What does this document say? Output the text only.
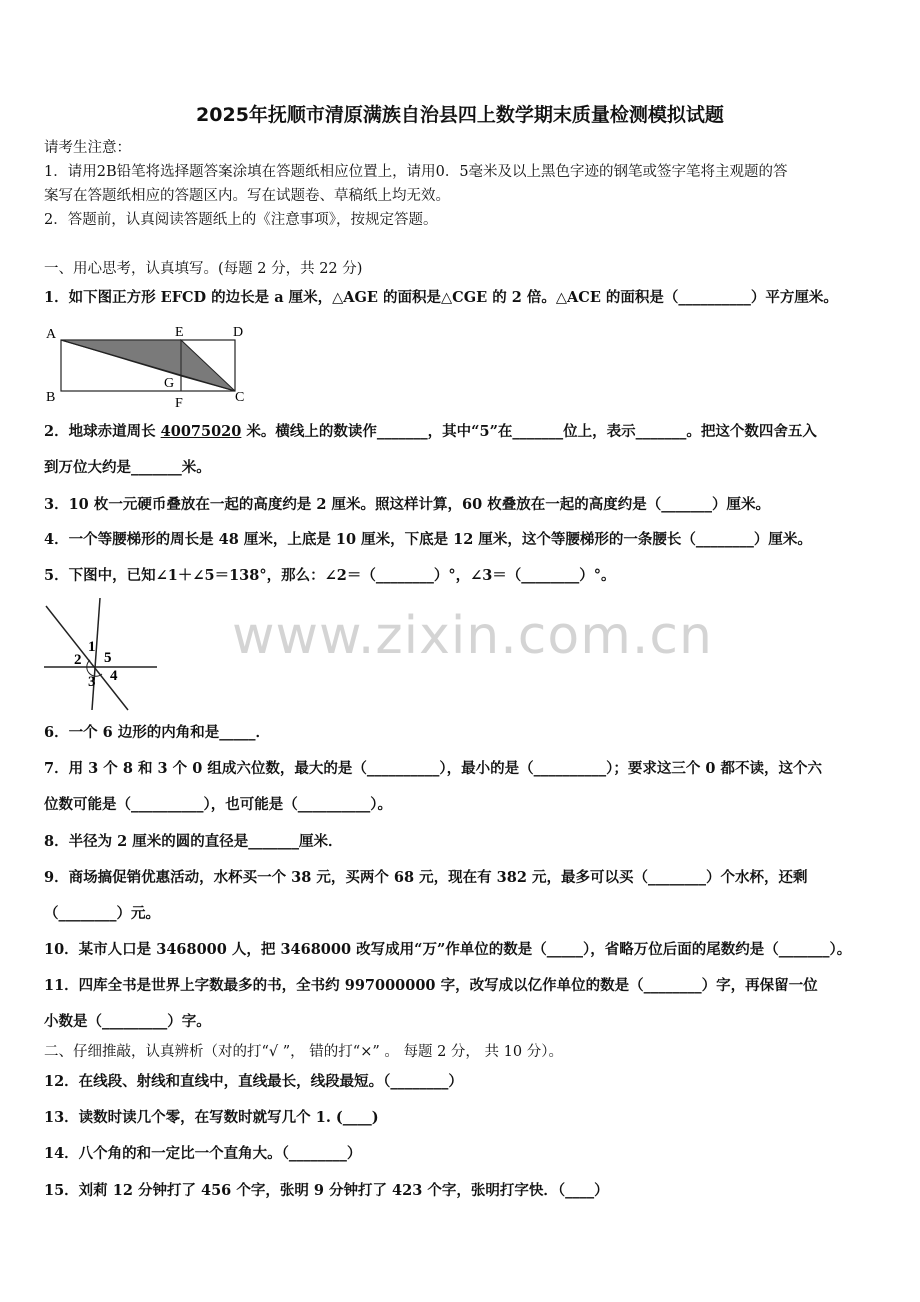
www.zixin.com.cn
2025年抚顺市清原满族自治县四上数学期末质量检测模拟试题
请考生注意：
1．请用2B铅笔将选择题答案涂填在答题纸相应位置上，请用0．5毫米及以上黑色字迹的钢笔或签字笔将主观题的答
案写在答题纸相应的答题区内。写在试题卷、草稿纸上均无效。
2．答题前，认真阅读答题纸上的《注意事项》，按规定答题。
一、用心思考，认真填写。(每题 2 分，共 22 分)
1．如下图正方形 EFCD 的边长是 a 厘米，△AGE 的面积是△CGE 的 2 倍。△ACE 的面积是（__________）平方厘米。
A	E	D
B
G
F	C
2．地球赤道周长 40075020 米。横线上的数读作_______，其中“5”在_______位上，表示_______。把这个数四舍五入
到万位大约是_______米。
3．10 枚一元硬币叠放在一起的高度约是 2 厘米。照这样计算，60 枚叠放在一起的高度约是（_______）厘米。
4．一个等腰梯形的周长是 48 厘米，上底是 10 厘米，下底是 12 厘米，这个等腰梯形的一条腰长（________）厘米。
5．下图中，已知∠1＋∠5＝138°，那么：∠2＝（________）°，∠3＝（________）°。
1
2
3 4
5
6．一个 6 边形的内角和是_____．
7．用 3 个 8 和 3 个 0 组成六位数，最大的是（__________），最小的是（__________）；要求这三个 0 都不读，这个六
位数可能是（__________），也可能是（__________）。
8．半径为 2 厘米的圆的直径是_______厘米．
9．商场搞促销优惠活动，水杯买一个 38 元，买两个 68 元，现在有 382 元，最多可以买（________）个水杯，还剩
（________）元。
10．某市人口是 3468000 人，把 3468000 改写成用“万”作单位的数是（_____），省略万位后面的尾数约是（_______）。
11．四库全书是世界上字数最多的书，全书约 997000000 字，改写成以亿作单位的数是（________）字，再保留一位
小数是（_________）字。
二、仔细推敲，认真辨析（对的打“√ ”， 错的打“×” 。 每题 2 分， 共 10 分）。
12．在线段、射线和直线中，直线最长，线段最短。（________）
13．读数时读几个零，在写数时就写几个 1. (____)
14．八个角的和一定比一个直角大。（________）
15．刘莉 12 分钟打了 456 个字，张明 9 分钟打了 423 个字，张明打字快．（____）
